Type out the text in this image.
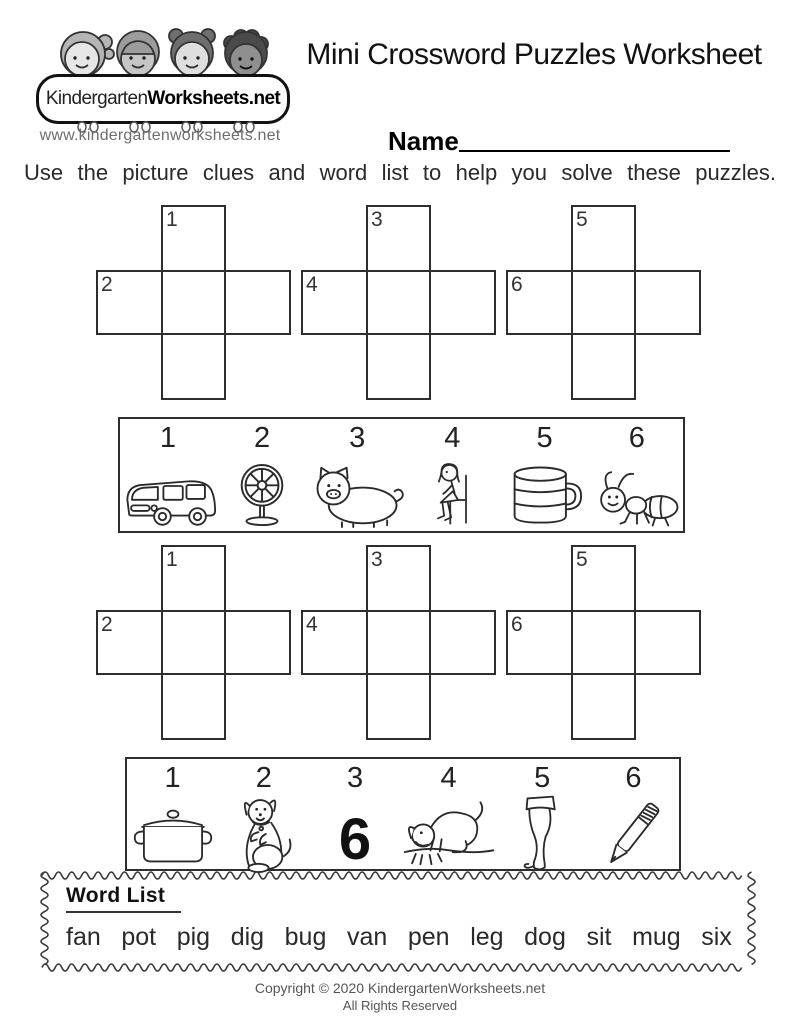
Kindergarten Worksheets.net
www.kindergartenworksheets.net
Mini Crossword Puzzles Worksheet
Name
Use the picture clues and word list to help you solve these puzzles.
1
2
3
4
5
6
1	2	3	4	5	6
1
2
3
4
5
6
1	2	3
6
4	5	6
Word List
fan pot pig dig bug van pen leg dog sit mug six
Copyright © 2020 KindergartenWorksheets.net
All Rights Reserved
